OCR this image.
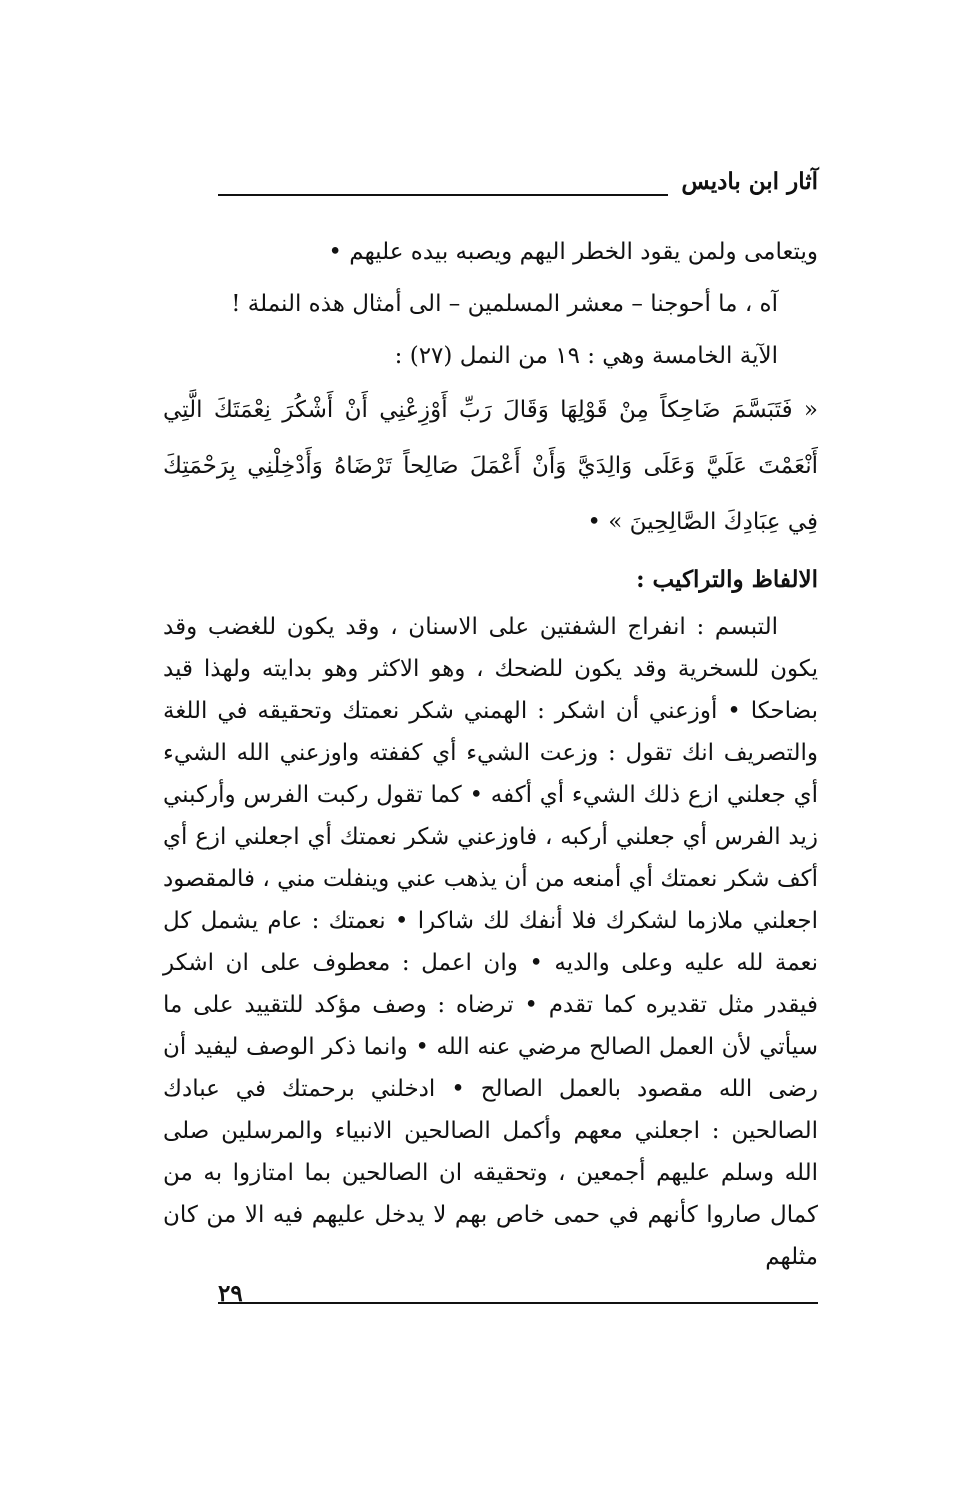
آثار ابن باديس

ويتعامى ولمن يقود الخطر اليهم ويصبه بيده عليهم •

آه ، ما أحوجنا – معشر المسلمين – الى أمثال هذه النملة !

الآية الخامسة وهي : ١٩ من النمل (٢٧) :

« فَتَبَسَّمَ ضَاحِكاً مِنْ قَوْلِهَا وَقَالَ رَبِّ أَوْزِعْنِي أَنْ أَشْكُرَ نِعْمَتَكَ الَّتِي أَنْعَمْتَ عَلَيَّ وَعَلَى وَالِدَيَّ وَأَنْ أَعْمَلَ صَالِحاً تَرْضَاهُ وَأَدْخِلْنِي بِرَحْمَتِكَ فِي عِبَادِكَ الصَّالِحِينَ » •

الالفاظ والتراكيب :

التبسم : انفراج الشفتين على الاسنان ، وقد يكون للغضب وقد يكون للسخرية وقد يكون للضحك ، وهو الاكثر وهو بدايته ولهذا قيد بضاحكا • أوزعني أن اشكر : الهمني شكر نعمتك وتحقيقه في اللغة والتصريف انك تقول : وزعت الشيء أي كففته واوزعني الله الشيء أي جعلني ازع ذلك الشيء أي أكفه • كما تقول ركبت الفرس وأركبني زيد الفرس أي جعلني أركبه ، فاوزعني شكر نعمتك أي اجعلني ازع أي أكف شكر نعمتك أي أمنعه من أن يذهب عني وينفلت مني ، فالمقصود اجعلني ملازما لشكرك فلا أنفك لك شاكرا • نعمتك : عام يشمل كل نعمة لله عليه وعلى والديه • وان اعمل : معطوف على ان اشكر فيقدر مثل تقديره كما تقدم • ترضاه : وصف مؤكد للتقييد على ما سيأتي لأن العمل الصالح مرضي عنه الله • وانما ذكر الوصف ليفيد أن رضى الله مقصود بالعمل الصالح • ادخلني برحمتك في عبادك الصالحين : اجعلني معهم وأكمل الصالحين الانبياء والمرسلين صلى الله وسلم عليهم أجمعين ، وتحقيقه ان الصالحين بما امتازوا به من كمال صاروا كأنهم في حمى خاص بهم لا يدخل عليهم فيه الا من كان مثلهم

٢٩
